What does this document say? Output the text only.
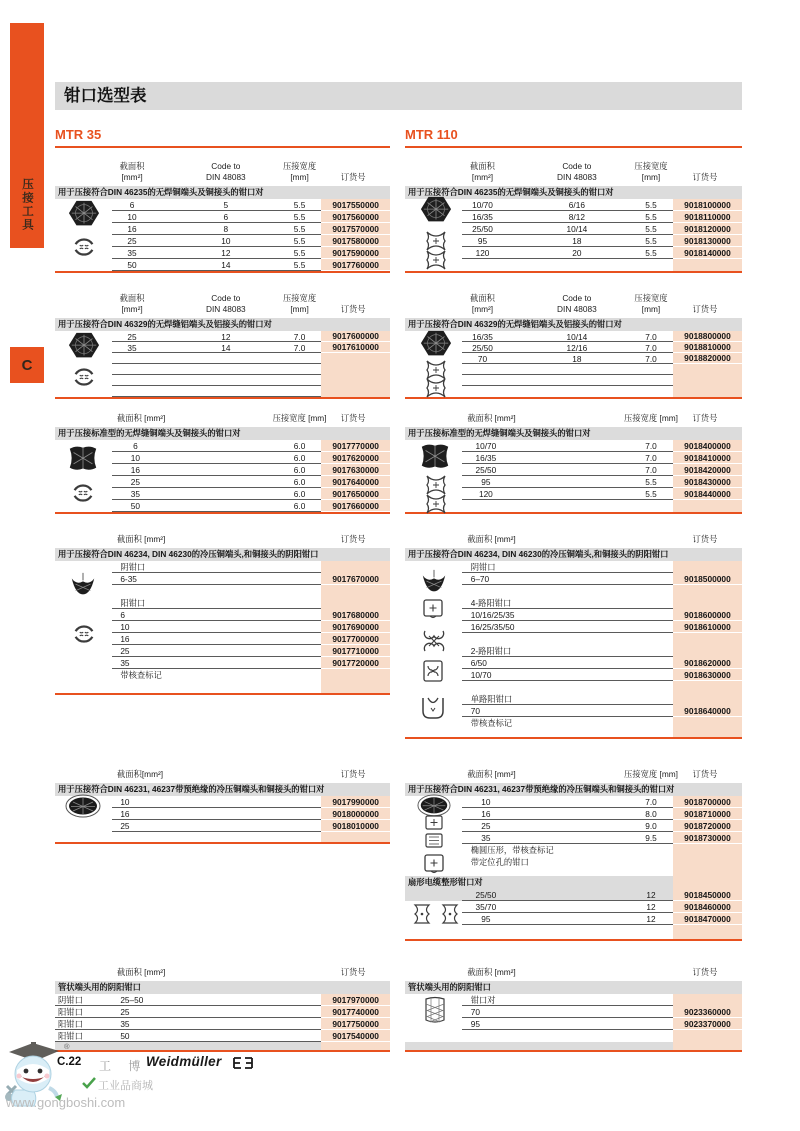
压接工具
C
钳口选型表
MTR 35	MTR 110
截面积
[mm²]
Code to
DIN 48083
压接宽度
[mm]	订货号
用于压接符合DIN 46235的无焊铜端头及铜接头的钳口对
6	5	5.5	9017550000
10	6	5.5	9017560000
16	8	5.5	9017570000
25	10	5.5	9017580000
35	12	5.5	9017590000
50	14	5.5	9017760000
截面积
[mm²]
Code to
DIN 48083
压接宽度
[mm]	订货号
用于压接符合DIN 46329的无焊缝铝端头及铝接头的钳口对
25	12	7.0	9017600000
35	14	7.0	9017610000
截面积 [mm²]	压接宽度 [mm] 订货号
用于压接标准型的无焊缝铜端头及铜接头的钳口对
6	6.0	9017770000
10	6.0	9017620000
16	6.0	9017630000
25	6.0	9017640000
35	6.0	9017650000
50	6.0	9017660000
截面积 [mm²]	订货号
用于压接符合DIN 46234, DIN 46230的冷压铜端头,和铜接头的阴阳钳口
阴钳口
6-35	9017670000
阳钳口
6	9017680000
10	9017690000
16	9017700000
25	9017710000
35	9017720000
带核查标记
截面积[mm²]	订货号
用于压接符合DIN 46231, 46237带预绝缘的冷压铜端头和铜接头的钳口对
10	9017990000
16	9018000000
25	9018010000
截面积 [mm²]	订货号
管状端头用的阴阳钳口
阴钳口	25–50	9017970000
阳钳口	25	9017740000
阳钳口	35	9017750000
阳钳口	50	9017540000
®
截面积
[mm²]
Code to
DIN 48083
压接宽度
[mm]	订货号
用于压接符合DIN 46235的无焊铜端头及铜接头的钳口对
10/70	6/16	5.5	9018100000
16/35	8/12	5.5	9018110000
25/50	10/14	5.5	9018120000
95	18	5.5	9018130000
120	20	5.5	9018140000
截面积
[mm²]
Code to
DIN 48083
压接宽度
[mm]	订货号
用于压接符合DIN 46329的无焊缝铝端头及铝接头的钳口对
16/35	10/14	7.0	9018800000
25/50	12/16	7.0	9018810000
70	18	7.0	9018820000
截面积 [mm²]	压接宽度 [mm] 订货号
用于压接标准型的无焊缝铜端头及铜接头的钳口对
10/70	7.0	9018400000
16/35	7.0	9018410000
25/50	7.0	9018420000
95	5.5	9018430000
120	5.5	9018440000
截面积 [mm²]	订货号
用于压接符合DIN 46234, DIN 46230的冷压铜端头,和铜接头的阴阳钳口
阴钳口
6–70	9018500000
4-路阳钳口
10/16/25/35	9018600000
16/25/35/50	9018610000
2-路阳钳口
6/50	9018620000
10/70	9018630000
单路阳钳口
70	9018640000
带核查标记
截面积 [mm²]	压接宽度 [mm] 订货号
用于压接符合DIN 46231, 46237带预绝缘的冷压铜端头和铜接头的钳口对
10	7.0	9018700000
16	8.0	9018710000
25	9.0	9018720000
35	9.5	9018730000
椭圆压形，带核查标记
带定位孔的钳口
扇形电缆整形钳口对
25/50	12	9018450000
35/70	12	9018460000
95	12	9018470000
截面积 [mm²]	订货号
管状端头用的阴阳钳口
钳口对
70	9023360000
95	9023370000
C.22 工 博
Weidmüller
工业品商城
www.gongboshi.com
